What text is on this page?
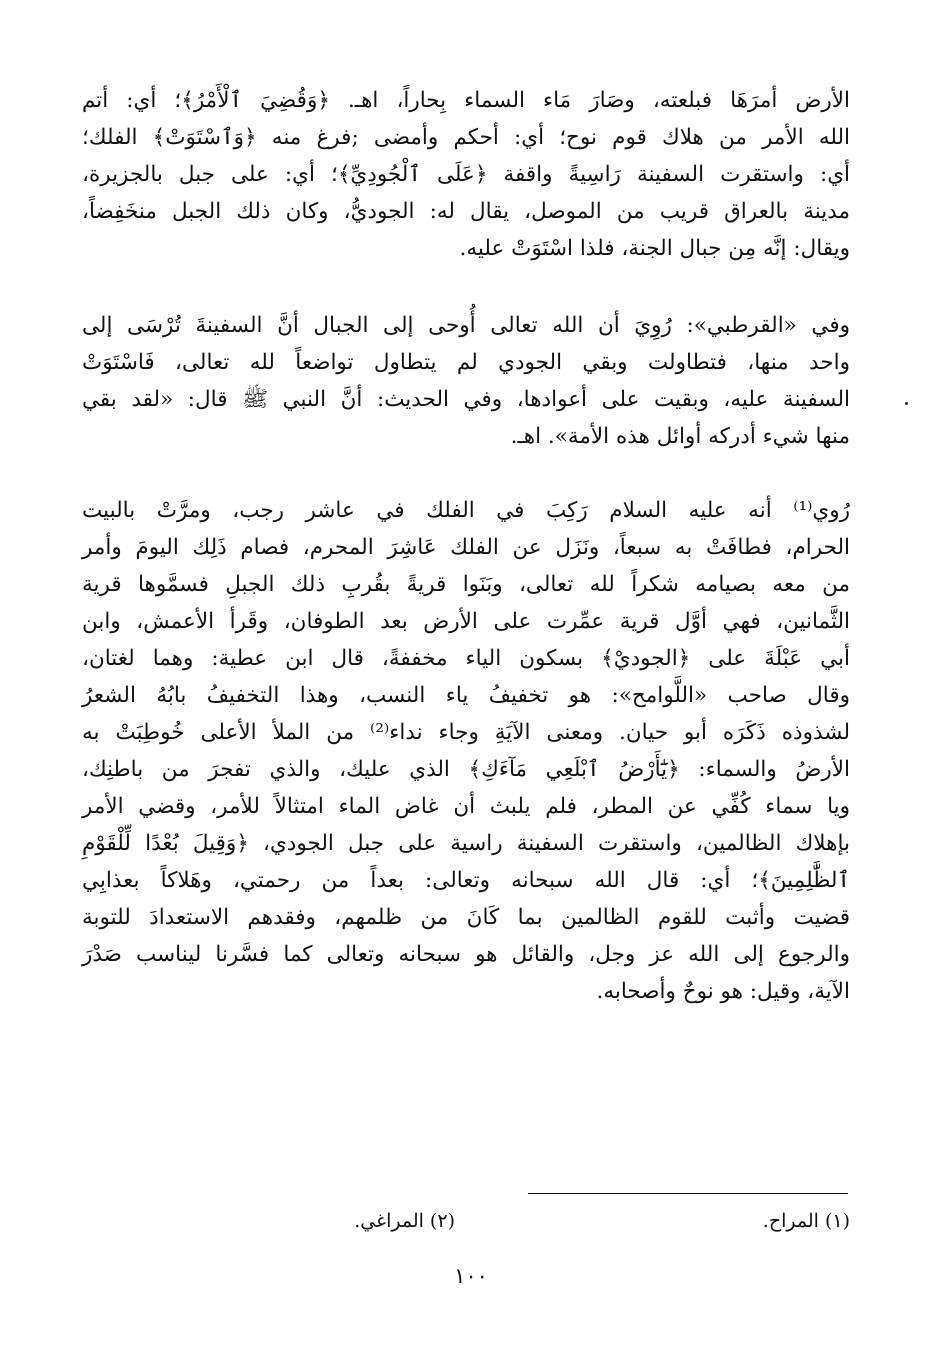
الأرض أمرَهَا فبلعته، وصَارَ مَاء السماء بِحاراً، اهـ. ﴿وَقُضِيَ ٱلْأَمْرُ﴾؛ أي: أتم
الله الأمر من هلاك قوم نوح؛ أي: أحكم وأمضى ;فرغ منه ﴿وَٱسْتَوَتْ﴾ الفلك؛
أي: واستقرت السفينة رَاسِيةً واقفة ﴿عَلَى ٱلْجُودِيِّ﴾؛ أي: على جبل بالجزيرة،
مدينة بالعراق قريب من الموصل، يقال له: الجوديُّ، وكان ذلك الجبل منخَفِضاً،
ويقال: إنَّه مِن جبال الجنة، فلذا اسْتَوَتْ عليه.

وفي «القرطبي»: رُوِيَ أن الله تعالى أُوحى إلى الجبال أنَّ السفينةَ تُرْسَى إلى
واحد منها، فتطاولت وبقي الجودي لم يتطاول تواضعاً لله تعالى، فَاسْتَوَتْ
السفينة عليه، وبقيت على أعوادها، وفي الحديث: أنَّ النبي ﷺ قال: «لقد بقي
منها شيء أدركه أوائل هذه الأمة». اهـ.

رُوي⁽¹⁾ أنه عليه السلام رَكِبَ في الفلك في عاشر رجب، ومرَّتْ بالبيت
الحرام، فطافَتْ به سبعاً، ونَزَل عن الفلك عَاشِرَ المحرم، فصام ذَلِك اليومَ وأمر
من معه بصيامه شكراً لله تعالى، وبَنَوا قريةً بقُربِ ذلك الجبلِ فسمَّوها قرية
الثَّمانين، فهي أوَّل قرية عمِّرت على الأرض بعد الطوفان، وقَرأ الأعمش، وابن
أبي عَبْلَةَ على ﴿الجوديْ﴾ بسكون الياء مخففةً، قال ابن عطية: وهما لغتان،
وقال صاحب «اللَّوامح»: هو تخفيفُ ياء النسب، وهذا التخفيفُ بابُهُ الشعرُ
لشذوذه ذَكَرَه أبو حيان. ومعنى الآيَةِ وجاء نداء⁽²⁾ من الملأ الأعلى خُوطِبَتْ به
الأرضُ والسماء: ﴿يَٰٓأَرْضُ ٱبْلَعِي مَآءَكِ﴾ الذي عليك، والذي تفجرَ من باطنِك،
ويا سماء كُفِّي عن المطر، فلم يلبث أن غاض الماء امتثالاً للأمر، وقضي الأمر
بإهلاك الظالمين، واستقرت السفينة راسية على جبل الجودي، ﴿وَقِيلَ بُعْدًا لِّلْقَوْمِ
ٱلظَّٰلِمِينَ﴾؛ أي: قال الله سبحانه وتعالى: بعداً من رحمتي، وهَلاكاً بعذابِي
قضيت وأثبت للقوم الظالمين بما كَانَ من ظلمهم، وفقدهم الاستعدادَ للتوبة
والرجوع إلى الله عز وجل، والقائل هو سبحانه وتعالى كما فسَّرنا ليناسب صَدْرَ
الآية، وقيل: هو نوحٌ وأصحابه.

(١) المراح.
(٢) المراغي.
١٠٠
